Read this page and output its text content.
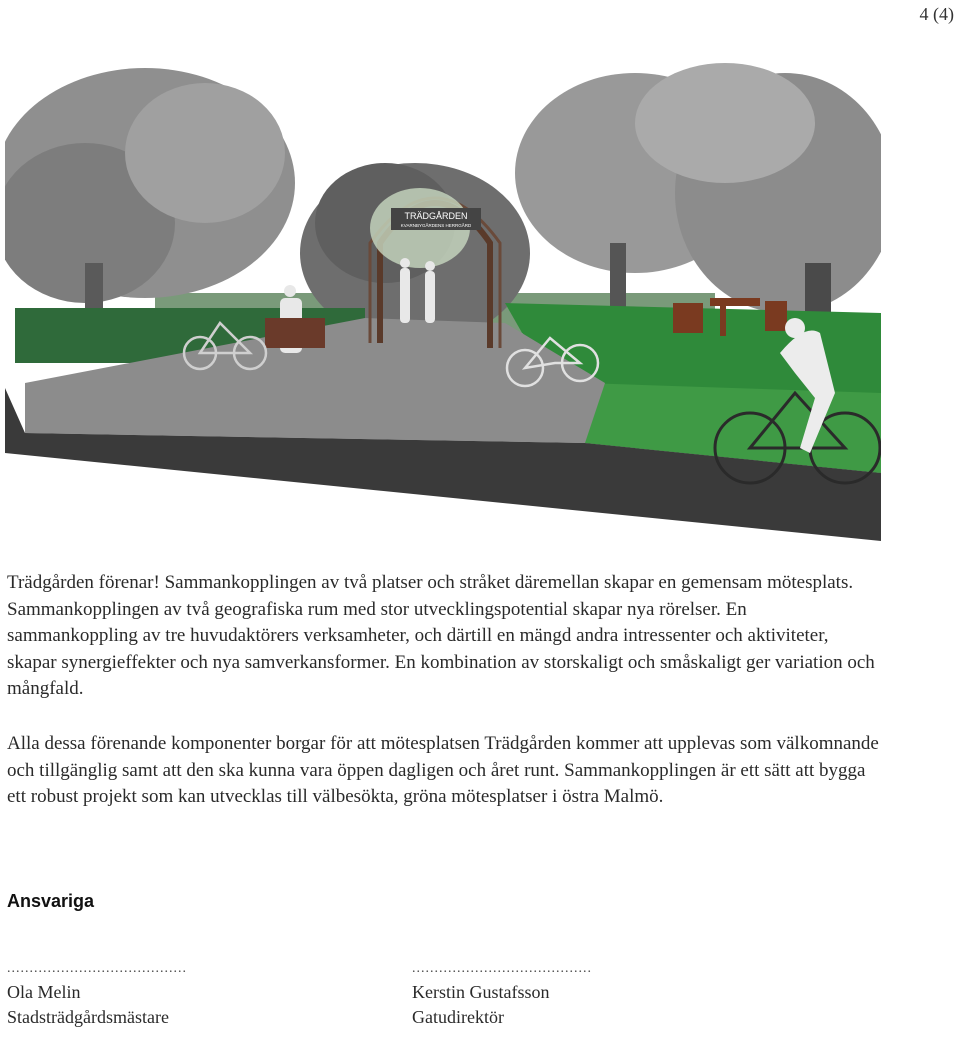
4 (4)
TRÄDGÅRDEN
KVARNBYGÅRDENS HERRGÅRD

Trädgården förenar! Sammankopplingen av två platser och stråket däremellan skapar en gemensam mötesplats. Sammankopplingen av två geografiska rum med stor utvecklingspotential skapar nya rörelser. En sammankoppling av tre huvudaktörers verksamheter, och därtill en mängd andra intressenter och aktiviteter, skapar synergieffekter och nya samverkansformer. En kombination av storskaligt och småskaligt ger variation och mångfald.

Alla dessa förenande komponenter borgar för att mötesplatsen Trädgården kommer att upplevas som välkomnande och tillgänglig samt att den ska kunna vara öppen dagligen och året runt. Sammankopplingen är ett sätt att bygga ett robust projekt som kan utvecklas till välbesökta, gröna mötesplatser i östra Malmö.

Ansvariga
........................................
Ola Melin
Stadsträdgårdsmästare
........................................
Kerstin Gustafsson
Gatudirektör
